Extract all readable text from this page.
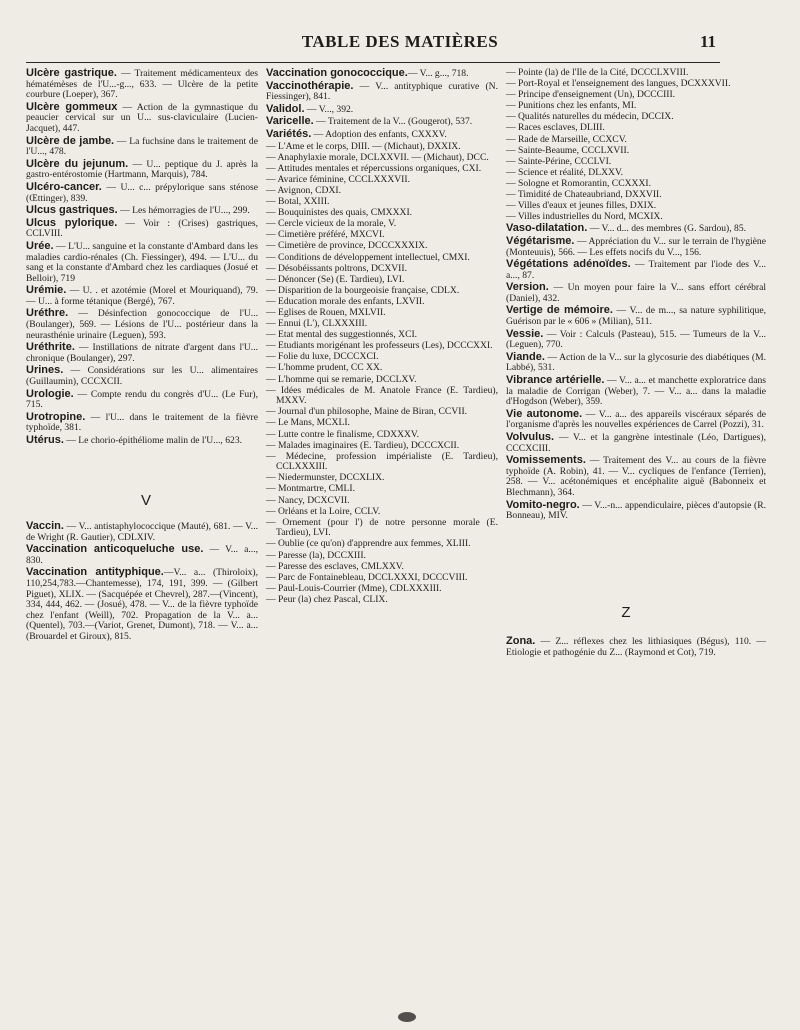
TABLE DES MATIÈRES	11
Ulcère gastrique. — Traitement médicamenteux des hématémèses de l'U...-g..., 633. — Ulcère de la petite courbure (Loeper), 367.
Ulcère gommeux — Action de la gymnastique du peaucier cervical sur un U... sus-claviculaire (Lucien-Jacquet), 447.
Ulcère de jambe. — La fuchsine dans le traitement de l'U..., 478.
Ulcère du jejunum. — U... peptique du J. après la gastro-entérostomie (Hartmann, Marquis), 784.
Ulcéro-cancer. — U... c... prépylorique sans sténose (Œttinger), 839.
Ulcus gastriques. — Les hémorragies de l'U..., 299.
Ulcus pylorique. — Voir : (Crises) gastriques, CCLVIII.
Urée. — L'U... sanguine et la constante d'Ambard dans les maladies cardio-rénales (Ch. Fiessinger), 494. — L'U... du sang et la constante d'Ambard chez les cardiaques (Josué et Belloir), 719
Urémie. — U. . et azotémie (Morel et Mouriquand), 79. — U... à forme tétanique (Bergé), 767.
Uréthre. — Désinfection gonococcique de l'U... (Boulanger), 569. — Lésions de l'U... postérieur dans la neurasthénie urinaire (Leguen), 593.
Uréthrite. — Instillations de nitrate d'argent dans l'U... chronique (Boulanger), 297.
Urines. — Considérations sur les U... alimentaires (Guillaumin), CCCXCII.
Urologie. — Compte rendu du congrès d'U... (Le Fur), 715.
Urotropine. — l'U... dans le traitement de la fièvre typhoïde, 381.
Utérus. — Le chorio-épithéliome malin de l'U..., 623.
V
Vaccin. — V... antistaphylococcique (Mauté), 681. — V... de Wright (R. Gautier), CDLXIV.
Vaccination anticoqueluche use. — V... a..., 830.
Vaccination antityphique.—V... a... (Thiroloix), 110,254,783.—Chantemesse), 174, 191, 399. — (Gilbert Piguet), XLIX. — (Sacquépée et Chevrel), 287.—(Vincent), 334, 444, 462. — (Josué), 478. — V... de la fièvre typhoïde chez l'enfant (Weill), 702. Propagation de la V... a... (Quentel), 703.—(Variot, Grenet, Dumont), 718. — V... a... (Brouardel et Giroux), 815.
Vaccination gonococcique.— V... g..., 718.
Vaccinothérapie. — V... antityphique curative (N. Fiessinger), 841.
Validol. — V..., 392.
Varicelle. — Traitement de la V... (Gougerot), 537.
Variétés. — Adoption des enfants, CXXXV.
— L'Ame et le corps, DIII. — (Michaut), DXXIX.
— Anaphylaxie morale, DCLXXVII. — (Michaut), DCC.
— Attitudes mentales et répercussions organiques, CXI.
— Avarice féminine, CCCLXXXVII.
— Avignon, CDXI.
— Botal, XXIII.
— Bouquinistes des quais, CMXXXI.
— Cercle vicieux de la morale, V.
— Cimetière préféré, MXCVI.
— Cimetière de province, DCCCXXXIX.
— Conditions de développement intellectuel, CMXI.
— Désobéissants poltrons, DCXVII.
— Dénoncer (Se) (E. Tardieu), LVI.
— Disparition de la bourgeoisie française, CDLX.
— Education morale des enfants, LXVII.
— Eglises de Rouen, MXLVII.
— Ennui (L'), CLXXXIII.
— Etat mental des suggestionnés, XCI.
— Etudiants morigénant les professeurs (Les), DCCCXXI.
— Folie du luxe, DCCCXCI.
— L'homme prudent, CC XX.
— L'homme qui se remarie, DCCLXV.
— Idées médicales de M. Anatole France (E. Tardieu), MXXV.
— Journal d'un philosophe, Maine de Biran, CCVII.
— Le Mans, MCXLI.
— Lutte contre le finalisme, CDXXXV.
— Malades imaginaires (E. Tardieu), DCCCXCII.
— Médecine, profession impérialiste (E. Tardieu), CCLXXXIII.
— Niedermunster, DCCXLIX.
— Montmartre, CMLI.
— Nancy, DCXCVII.
— Orléans et la Loire, CCLV.
— Ornement (pour l') de notre personne morale (E. Tardieu), LVI.
— Oublie (ce qu'on) d'apprendre aux femmes, XLIII.
— Paresse (la), DCCXIII.
— Paresse des esclaves, CMLXXV.
— Parc de Fontainebleau, DCCLXXXI, DCCCVIII.
— Paul-Louis-Courrier (Mme), CDLXXXIII.
— Peur (la) chez Pascal, CLIX.
— Pointe (la) de l'Ile de la Cité, DCCCLXVIII.
— Port-Royal et l'enseignement des langues, DCXXXVII.
— Principe d'enseignement (Un), DCCCIII.
— Punitions chez les enfants, MI.
— Qualités naturelles du médecin, DCCIX.
— Races esclaves, DLIII.
— Rade de Marseille, CCXCV.
— Sainte-Beaume, CCCLXVII.
— Sainte-Périne, CCCLVI.
— Science et réalité, DLXXV.
— Sologne et Romorantin, CCXXXI.
— Timidité de Chateaubriand, DXXVII.
— Villes d'eaux et jeunes filles, DXIX.
— Villes industrielles du Nord, MCXIX.
Vaso-dilatation. — V... d... des membres (G. Sardou), 85.
Végétarisme. — Appréciation du V... sur le terrain de l'hygiène (Monteuuis), 566. — Les effets nocifs du V..., 156.
Végétations adénoïdes. — Traitement par l'iode des V... a..., 87.
Version. — Un moyen pour faire la V... sans effort cérébral (Daniel), 432.
Vertige de mémoire. — V... de m..., sa nature syphilitique, Guérison par le « 606 » (Milian), 511.
Vessie. — Voir : Calculs (Pasteau), 515. — Tumeurs de la V... (Leguen), 770.
Viande. — Action de la V... sur la glycosurie des diabétiques (M. Labbé), 531.
Vibrance artérielle. — V... a... et manchette exploratrice dans la maladie de Corrigan (Weber), 7. — V... a... dans la maladie d'Hogdson (Weber), 359.
Vie autonome. — V... a... des appareils viscéraux séparés de l'organisme d'après les nouvelles expériences de Carrel (Pozzi), 31.
Volvulus. — V... et la gangrène intestinale (Léo, Dartigues), CCCXCIII.
Vomissements. — Traitement des V... au cours de la fièvre typhoïde (A. Robin), 41. — V... cycliques de l'enfance (Terrien), 258. — V... acétonémiques et encéphalite aiguë (Babonneix et Blechmann), 364.
Vomito-negro. — V...-n... appendiculaire, pièces d'autopsie (R. Bonneau), MIV.
Z
Zona. — Z... réflexes chez les lithiasiques (Bégus), 110. — Etiologie et pathogénie du Z... (Raymond et Cot), 719.
